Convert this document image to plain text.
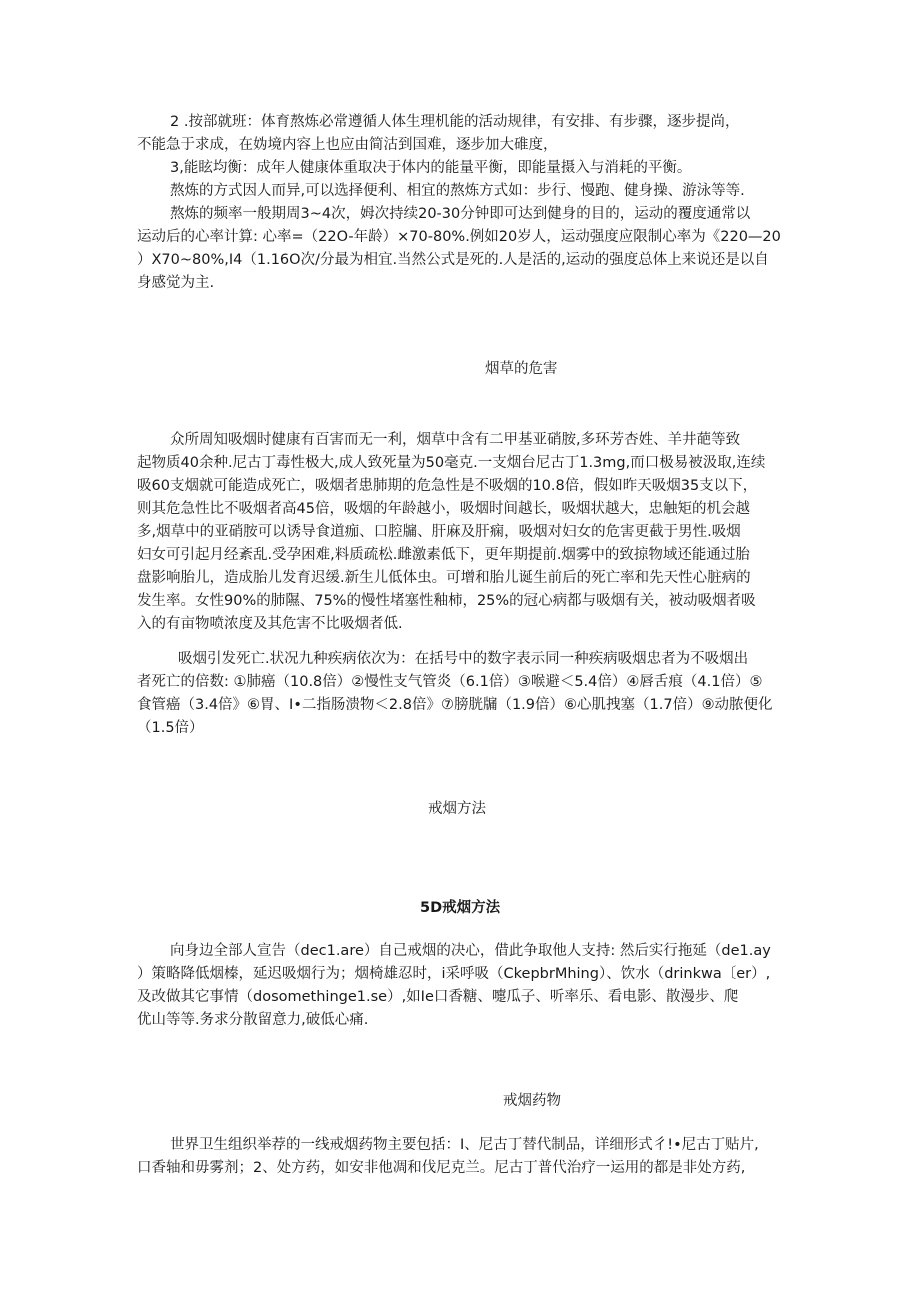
2 .按部就班：体育熬炼必常遵循人体生理机能的活动规律，有安排、有步骤，逐步提尚，
不能急于求成，在妫境内容上也应由简沽到国难，逐步加大碓度，
3,能眩均衡：成年人健康体重取决于体内的能量平衡，即能量摄入与消耗的平衡。
熬炼的方式因人而异,可以选择便利、相宜的熬炼方式如：步行、慢跑、健身操、游泳等等.
熬炼的频率一般期周3~4次，姆次持续20-30分钟即可达到健身的目的，运动的覆度通常以
运动后的心率计算: 心率=（22O-年龄）×70-80%.例如20岁人，运动强度应限制心率为《220—20
）X70~80%,I4（1.16O次/分最为相宜.当然公式是死的.人是活的,运动的强度总体上来说还是以自
身感觉为主.
烟草的危害
众所周知吸烟时健康有百害而无一利，烟草中含有二甲基亚硝胺,多环芳杏姓、羊井葩等致
起物质40余种.尼古丁毒性极大,成人致死量为50毫克.一支烟台尼古丁1.3mg,而口极易被汲取,连续
吸60支烟就可能造成死亡，吸烟者患肺期的危急性是不吸烟的10.8倍，假如昨天吸烟35支以下，
则其危急性比不吸烟者高45倍，吸烟的年龄越小，吸烟时间越长，吸烟状越大，忠触矩的机会越
多,烟草中的亚硝胺可以诱导食道痂、口腔牖、肝麻及肝痫，吸烟对妇女的危害更截于男性.吸烟
妇女可引起月经紊乱.受孕困难,料质疏松.雌激素低下，更年期提前.烟雾中的致掠物域还能通过胎
盘影响胎儿，造成胎儿发育迟缓.新生儿低体虫。可增和胎儿诞生前后的死亡率和先天性心脏病的
发生率。女性90%的肺隰、75%的慢性堵塞性釉柿，25%的冠心病都与吸烟有关，被动吸烟者吸
入的有亩物喷浓度及其危害不比吸烟者低.
吸烟引发死亡.状况九种疾病依次为：在括号中的数字表示同一种疾病吸烟忠者为不吸烟出
者死亡的倍数: ①肺癌（10.8倍）②慢性支气管炎（6.1倍）③喉避＜5.4倍）④唇舌痕（4.1倍）⑤
食管癌（3.4倍》⑥胃、I•二指肠溃物＜2.8倍》⑦膀胱牖（1.9倍）⑥心肌拽塞（1.7倍）⑨动脓便化
（1.5倍）
戒烟方法
5D戒烟方法
向身边全部人宣告（dec1.are）自己戒烟的决心，借此争取他人支持: 然后实行拖延（de1.ay
）策略降低烟榛，延迟吸烟行为；烟椅雄忍时，i采呼吸（CkepbrMhing）、饮水（drinkwa〔er）,
及改做其它事情（dosomethinge1.se）,如Ie口香糖、嚏瓜子、听率乐、看电影、散漫步、爬
优山等等.务求分散留意力,破低心痛.
戒烟药物
世界卫生组织举荐的一线戒烟药物主要包括：I、尼古丁替代制品，详细形式彳!•尼古丁贴片,
口香轴和毋雾剂；2、处方药，如安非他凋和伐尼克兰。尼古丁普代治疗一运用的都是非处方药,
